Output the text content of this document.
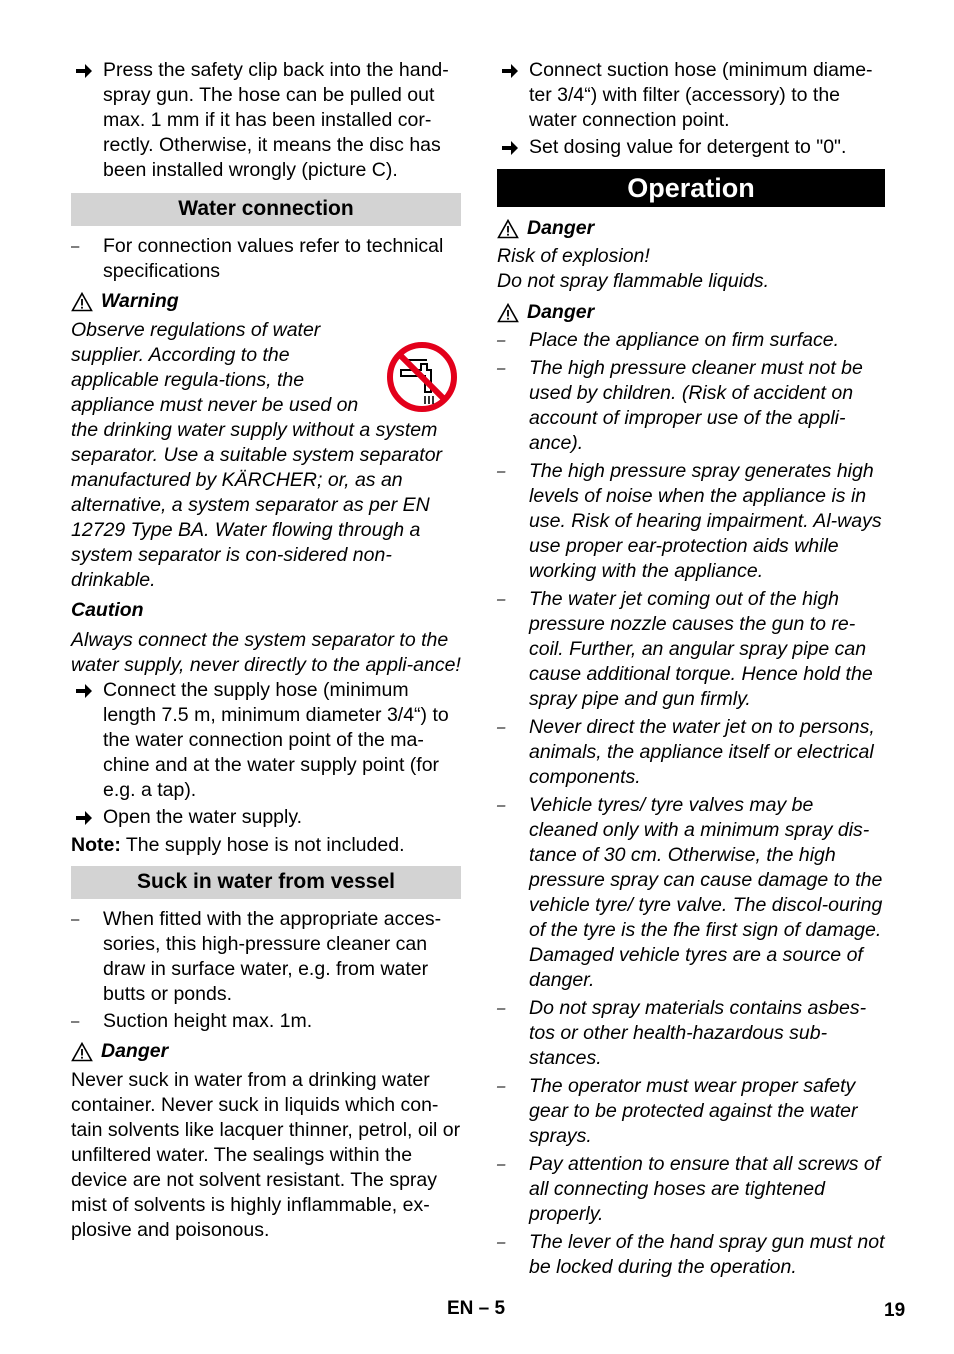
Press the safety clip back into the hand-spray gun. The hose can be pulled out max. 1 mm if it has been installed cor-rectly. Otherwise, it means the disc has been installed wrongly (picture C).

Water connection
– For connection values refer to technical specifications

Warning

Observe regulations of water supplier. According to the applicable regula-tions, the appliance must never be used on the drinking water supply without a system separator. Use a suitable system separator manufactured by KÄRCHER; or, as an alternative, a system separator as per EN 12729 Type BA. Water flowing through a system separator is con-sidered non-drinkable.

Caution

Always connect the system separator to the water supply, never directly to the appli-ance!

Connect the supply hose (minimum length 7.5 m, minimum diameter 3/4“) to the water connection point of the ma-chine and at the water supply point (for e.g. a tap).

Open the water supply.

Note: The supply hose is not included.

Suck in water from vessel
– When fitted with the appropriate acces-sories, this high-pressure cleaner can draw in surface water, e.g. from water butts or ponds.

– Suction height max. 1m.

Danger

Never suck in water from a drinking water container. Never suck in liquids which con-tain solvents like lacquer thinner, petrol, oil or unfiltered water. The sealings within the device are not solvent resistant. The spray mist of solvents is highly inflammable, ex-plosive and poisonous.

Connect suction hose (minimum diame-ter 3/4“) with filter (accessory) to the water connection point.

Set dosing value for detergent to "0".

Operation
Danger

Risk of explosion!

Do not spray flammable liquids.

Danger
– Place the appliance on firm surface.

– The high pressure cleaner must not be used by children. (Risk of accident on account of improper use of the appli-ance).

– The high pressure spray generates high levels of noise when the appliance is in use. Risk of hearing impairment. Al-ways use proper ear-protection aids while working with the appliance.

– The water jet coming out of the high pressure nozzle causes the gun to re-coil. Further, an angular spray pipe can cause additional torque. Hence hold the spray pipe and gun firmly.

– Never direct the water jet on to persons, animals, the appliance itself or electrical components.

– Vehicle tyres/ tyre valves may be cleaned only with a minimum spray dis-tance of 30 cm. Otherwise, the high pressure spray can cause damage to the vehicle tyre/ tyre valve. The discol-ouring of the tyre is the fhe first sign of damage. Damaged vehicle tyres are a source of danger.

– Do not spray materials contains asbes-tos or other health-hazardous sub-stances.

– The operator must wear proper safety gear to be protected against the water sprays.

– Pay attention to ensure that all screws of all connecting hoses are tightened properly.

– The lever of the hand spray gun must not be locked during the operation.

EN – 5	19
